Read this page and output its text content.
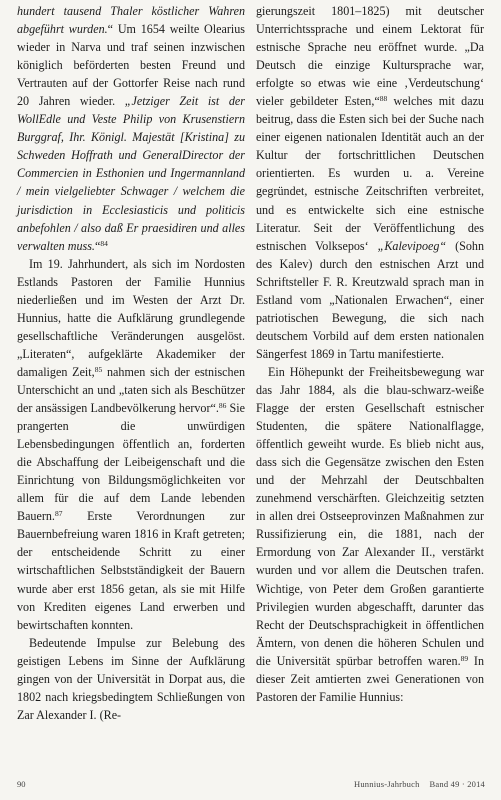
hundert tausend Thaler köstlicher Wahren abgeführt wurden.“ Um 1654 weilte Olearius wieder in Narva und traf seinen inzwischen königlich beförderten besten Freund und Vertrauten auf der Gottorfer Reise nach rund 20 Jahren wieder. „Jetziger Zeit ist der WollEdle und Veste Philip von Krusenstiern Burggraf, Ihr. Königl. Majestät [Kristina] zu Schweden Hoffrath und GeneralDirector der Commercien in Esthonien und Ingermannland / mein vielgeliebter Schwager / welchem die jurisdiction in Ecclesiasticis und politicis anbefohlen / also daß Er praesidiren und alles verwalten muss.“$^{84}$

Im 19. Jahrhundert, als sich im Nordosten Estlands Pastoren der Familie Hunnius niederließen und im Westen der Arzt Dr. Hunnius, hatte die Aufklärung grundlegende gesellschaftliche Veränderungen ausgelöst. „Literaten“, aufgeklärte Akademiker der damaligen Zeit,$^{85}$ nahmen sich der estnischen Unterschicht an und „taten sich als Beschützer der ansässigen Landbevölkerung hervor“.$^{86}$ Sie prangerten die unwürdigen Lebensbedingungen öffentlich an, forderten die Abschaffung der Leibeigenschaft und die Einrichtung von Bildungsmöglichkeiten vor allem für die auf dem Lande lebenden Bauern.$^{87}$ Erste Verordnungen zur Bauernbefreiung waren 1816 in Kraft getreten; der entscheidende Schritt zu einer wirtschaftlichen Selbstständigkeit der Bauern wurde aber erst 1856 getan, als sie mit Hilfe von Krediten eigenes Land erwerben und bewirtschaften konnten.

Bedeutende Impulse zur Belebung des geistigen Lebens im Sinne der Aufklärung gingen von der Universität in Dorpat aus, die 1802 nach kriegsbedingtem Schließungen von Zar Alexander I. (Re-

gierungszeit 1801–1825) mit deutscher Unterrichtssprache und einem Lektorat für estnische Sprache neu eröffnet wurde. „Da Deutsch die einzige Kultursprache war, erfolgte so etwas wie eine ‚Verdeutschung‘ vieler gebildeter Esten,“$^{88}$ welches mit dazu beitrug, dass die Esten sich bei der Suche nach einer eigenen nationalen Identität auch an der Kultur der fortschrittlichen Deutschen orientierten. Es wurden u. a. Vereine gegründet, estnische Zeitschriften verbreitet, und es entwickelte sich eine estnische Literatur. Seit der Veröffentlichung des estnischen Volksepos‘ „Kalevipoeg“ (Sohn des Kalev) durch den estnischen Arzt und Schriftsteller F. R. Kreutzwald sprach man in Estland vom „Nationalen Erwachen“, einer patriotischen Bewegung, die sich nach deutschem Vorbild auf dem ersten nationalen Sängerfest 1869 in Tartu manifestierte.

Ein Höhepunkt der Freiheitsbewegung war das Jahr 1884, als die blau-schwarz-weiße Flagge der ersten Gesellschaft estnischer Studenten, die spätere Nationalflagge, öffentlich geweiht wurde. Es blieb nicht aus, dass sich die Gegensätze zwischen den Esten und der Mehrzahl der Deutschbalten zunehmend verschärften. Gleichzeitig setzten in allen drei Ostseeprovinzen Maßnahmen zur Russifizierung ein, die 1881, nach der Ermordung von Zar Alexander II., verstärkt wurden und vor allem die Deutschen trafen. Wichtige, von Peter dem Großen garantierte Privilegien wurden abgeschafft, darunter das Recht der Deutschsprachigkeit in öffentlichen Ämtern, von denen die höheren Schulen und die Universität spürbar betroffen waren.$^{89}$ In dieser Zeit amtierten zwei Generationen von Pastoren der Familie Hunnius:

90	Hunnius-Jahrbuch Band 49 · 2014
